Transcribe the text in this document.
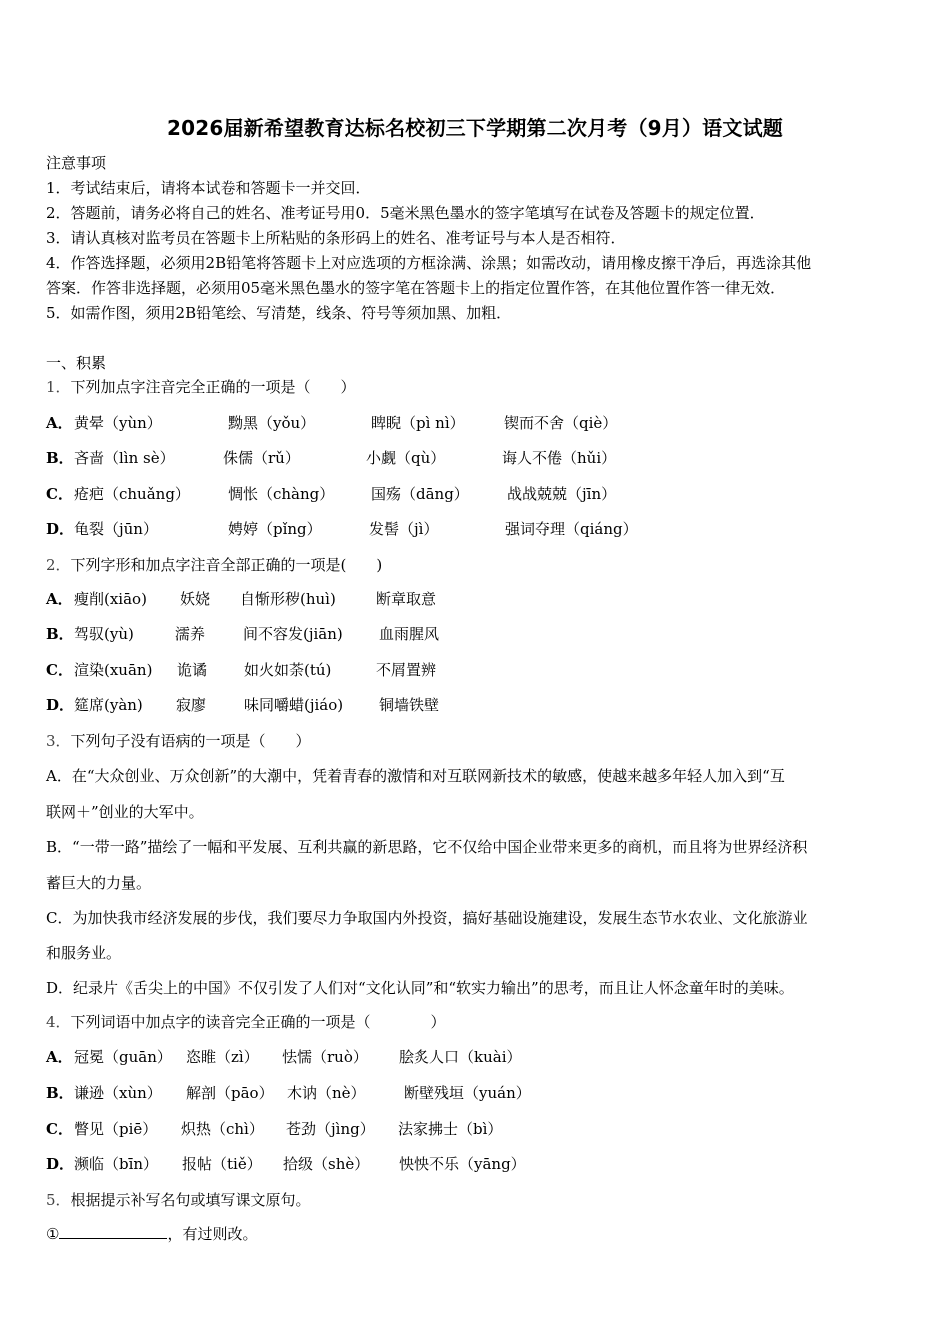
2026届新希望教育达标名校初三下学期第二次月考（9月）语文试题
注意事项
1．考试结束后，请将本试卷和答题卡一并交回．
2．答题前，请务必将自己的姓名、准考证号用0．5毫米黑色墨水的签字笔填写在试卷及答题卡的规定位置．
3．请认真核对监考员在答题卡上所粘贴的条形码上的姓名、准考证号与本人是否相符．
4．作答选择题，必须用2B铅笔将答题卡上对应选项的方框涂满、涂黑；如需改动，请用橡皮擦干净后，再选涂其他
答案．作答非选择题，必须用05毫米黑色墨水的签字笔在答题卡上的指定位置作答，在其他位置作答一律无效．
5．如需作图，须用2B铅笔绘、写清楚，线条、符号等须加黑、加粗．
一、积累
1．下列加点字注音完全正确的一项是（　　）
A． 黄晕（yùn）	黝黑（yǒu）	睥睨（pì nì）	锲而不舍（qiè）
B． 吝啬（lìn sè）	侏儒（rǔ）	小觑（qù）	诲人不倦（hǔi）
C． 疮疤（chuǎng）	惆怅（chàng） 国殇（dāng）	战战兢兢（jīn）
D． 龟裂（jūn）	娉婷（pǐng）	发髻（jì）	强词夺理（qiáng）
2．下列字形和加点字注音全部正确的一项是(　　)
A． 瘦削(xiāo) 妖娆 自惭形秽(huì)	断章取意
B． 驾驭(yù)	濡养	间不容发(jiān) 血雨腥风
C． 渲染(xuān) 诡谲 如火如荼(tú)	不屑置辨
D． 筵席(yàn) 寂廖	味同嚼蜡(jiáo) 铜墙铁壁
3．下列句子没有语病的一项是（　　）
A．在“大众创业、万众创新”的大潮中，凭着青春的激情和对互联网新技术的敏感，使越来越多年轻人加入到“互
联网＋”创业的大军中。
B．“一带一路”描绘了一幅和平发展、互利共赢的新思路，它不仅给中国企业带来更多的商机，而且将为世界经济积
蓄巨大的力量。
C．为加快我市经济发展的步伐，我们要尽力争取国内外投资，搞好基础设施建设，发展生态节水农业、文化旅游业
和服务业。
D．纪录片《舌尖上的中国》不仅引发了人们对“文化认同”和“软实力输出”的思考，而且让人怀念童年时的美味。
4．下列词语中加点字的读音完全正确的一项是（　　　　）
A． 冠冕（guān） 恣睢（zì） 怯懦（ruò） 脍炙人口（kuài）
B． 谦逊（xùn） 解剖（pāo） 木讷（nè）	断壁残垣（yuán）
C． 瞥见（piē） 炽热（chì） 苍劲（jìng） 法家拂士（bì）
D． 濒临（bīn） 报帖（tiě） 拾级（shè） 怏怏不乐（yāng）
5．根据提示补写名句或填写课文原句。
①	，有过则改。
